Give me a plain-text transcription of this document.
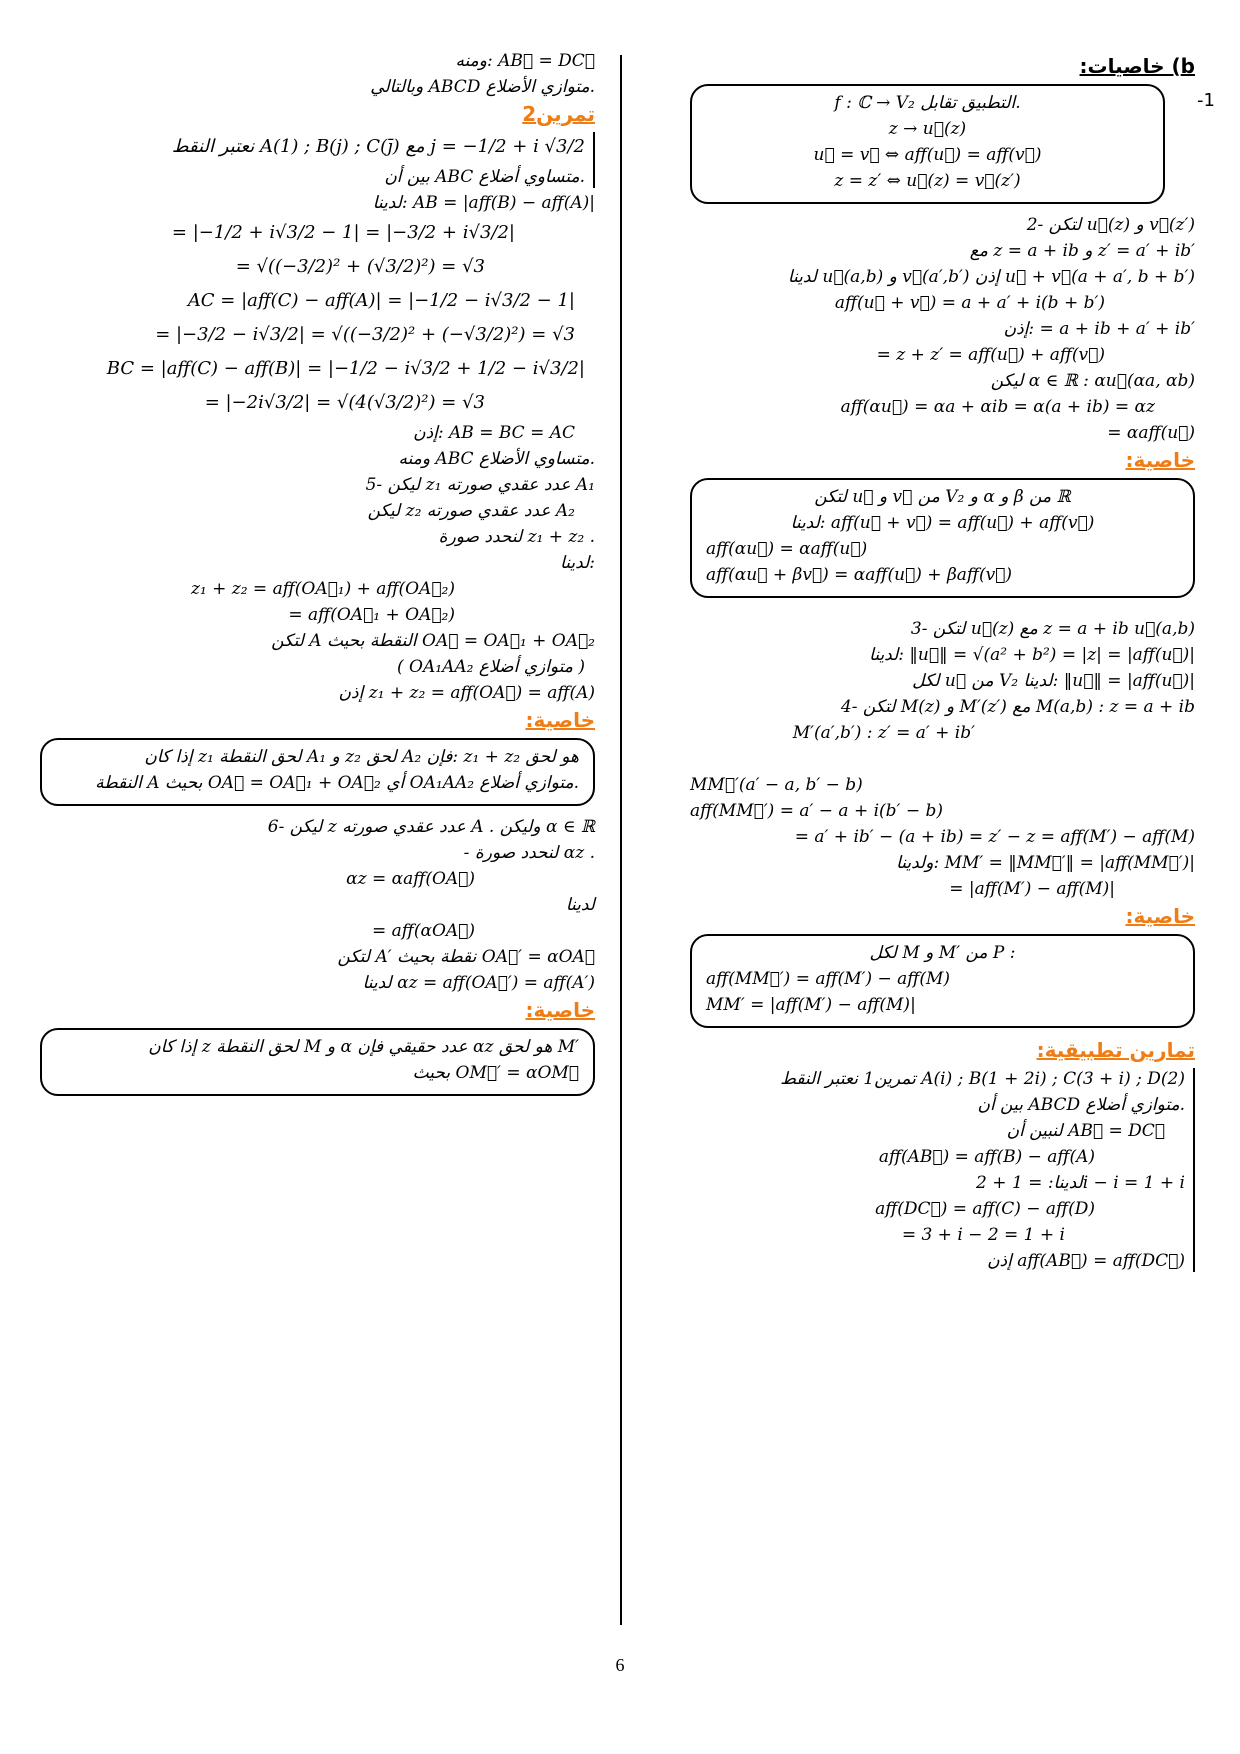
b) خاصيات:

1-

f : ℂ → V₂ التطبيق تقابل.

z → u⃗(z)

u⃗ = v⃗ ⇔ aff(u⃗) = aff(v⃗)

z = z′ ⇔ u⃗(z) = v⃗(z′)

2- لتكن u⃗(z) و v⃗(z′)

مع z = a + ib و z′ = a′ + ib′

لدينا u⃗(a,b) و v⃗(a′,b′) إذن u⃗ + v⃗(a + a′, b + b′)

aff(u⃗ + v⃗) = a + a′ + i(b + b′)

إذن: = a + ib + a′ + ib′

= z + z′ = aff(u⃗) + aff(v⃗)

ليكن α ∈ ℝ : αu⃗(αa, αb)

aff(αu⃗) = αa + αib = α(a + ib) = αz

= αaff(u⃗)

خاصية:

لتكن u⃗ و v⃗ من V₂ و α و β من ℝ

لدينا: aff(u⃗ + v⃗) = aff(u⃗) + aff(v⃗)

aff(αu⃗) = αaff(u⃗)

aff(αu⃗ + βv⃗) = αaff(u⃗) + βaff(v⃗)

3- لتكن u⃗(z) مع z = a + ib u⃗(a,b)

لدينا: ‖u⃗‖ = √(a² + b²) = |z| = |aff(u⃗)|

لكل u⃗ من V₂ لدينا: ‖u⃗‖ = |aff(u⃗)|

4- لتكن M(z) و M′(z′) مع M(a,b) : z = a + ib

M′(a′,b′) : z′ = a′ + ib′

MM⃗′(a′ − a, b′ − b)

aff(MM⃗′) = a′ − a + i(b′ − b)

= a′ + ib′ − (a + ib) = z′ − z = aff(M′) − aff(M)

ولدينا: MM′ = ‖MM⃗′‖ = |aff(MM⃗′)|

= |aff(M′) − aff(M)|

خاصية:

لكل M و M′ من P :

aff(MM⃗′) = aff(M′) − aff(M)

MM′ = |aff(M′) − aff(M)|

تمارين تطبيقية:

تمرين1 نعتبر النقط A(i) ; B(1 + 2i) ; C(3 + i) ; D(2)

بين أن ABCD متوازي أضلاع.

لنبين أن AB⃗ = DC⃗

aff(AB⃗) = aff(B) − aff(A)

لدينا: = 1 + 2i − i = 1 + i

aff(DC⃗) = aff(C) − aff(D)

= 3 + i − 2 = 1 + i

إذن aff(AB⃗) = aff(DC⃗)

ومنه: AB⃗ = DC⃗

وبالتالي ABCD متوازي الأضلاع.

تمرين2

نعتبر النقط A(1) ; B(j) ; C(j̄) مع j = −1/2 + i √3/2

بين أن ABC متساوي أضلاع.

لدينا: AB = |aff(B) − aff(A)|

= |−1/2 + i√3/2 − 1| = |−3/2 + i√3/2|

= √((−3/2)² + (√3/2)²) = √3

AC = |aff(C) − aff(A)| = |−1/2 − i√3/2 − 1|

= |−3/2 − i√3/2| = √((−3/2)² + (−√3/2)²) = √3

BC = |aff(C) − aff(B)| = |−1/2 − i√3/2 + 1/2 − i√3/2|

= |−2i√3/2| = √(4(√3/2)²) = √3

إذن: AB = BC = AC

ومنه ABC متساوي الأضلاع.

5- ليكن z₁ عدد عقدي صورته A₁

ليكن z₂ عدد عقدي صورته A₂

لنحدد صورة z₁ + z₂ .

لدينا:

z₁ + z₂ = aff(OA⃗₁) + aff(OA⃗₂)

= aff(OA⃗₁ + OA⃗₂)

لتكن A النقطة بحيث OA⃗ = OA⃗₁ + OA⃗₂

( OA₁AA₂ متوازي أضلاع )

إذن z₁ + z₂ = aff(OA⃗) = aff(A)

خاصية:

إذا كان z₁ لحق النقطة A₁ و z₂ لحق A₂ فإن: z₁ + z₂ هو لحق

النقطة A بحيث OA⃗ = OA⃗₁ + OA⃗₂ أي OA₁AA₂ متوازي أضلاع.

6- ليكن z عدد عقدي صورته A . وليكن α ∈ ℝ

- لنحدد صورة αz .

αz = αaff(OA⃗)

لدينا

= aff(αOA⃗)

لتكن A′ نقطة بحيث OA⃗′ = αOA⃗

لدينا αz = aff(OA⃗′) = aff(A′)

خاصية:

إذا كان z لحق النقطة M و α عدد حقيقي فإن αz هو لحق M′

بحيث OM⃗′ = αOM⃗

6
